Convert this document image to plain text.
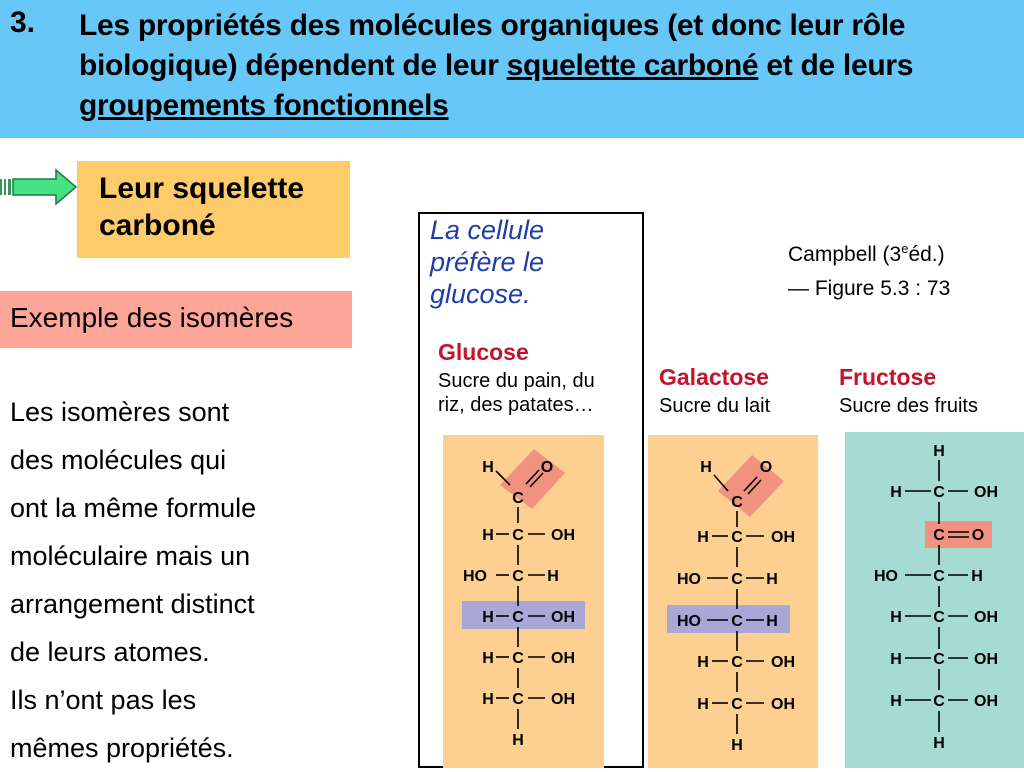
3. Les propriétés des molécules organiques (et donc leur rôle biologique) dépendent de leur squelette carboné et de leurs groupements fonctionnels
Leur squelette carboné
Exemple des isomères
Les isomères sont
des molécules qui
ont la même formule
moléculaire mais un
arrangement distinct
de leurs atomes.
Ils n’ont pas les
mêmes propriétés.
La cellule préfère le glucose.
Glucose
Sucre du pain, du
riz, des patates…
Galactose
Sucre du lait
Fructose
Sucre des fruits
Campbell (3eéd.)
— Figure 5.3 : 73
H	O
C
H C OH
HO C H
H C OH
H C OH
H C OH
H
H	O
C
H C OH
HO C H
HO C H
H C OH
H C OH
H
H
H C OH
C O
HO C H
H C OH
H C OH
H C OH
H
